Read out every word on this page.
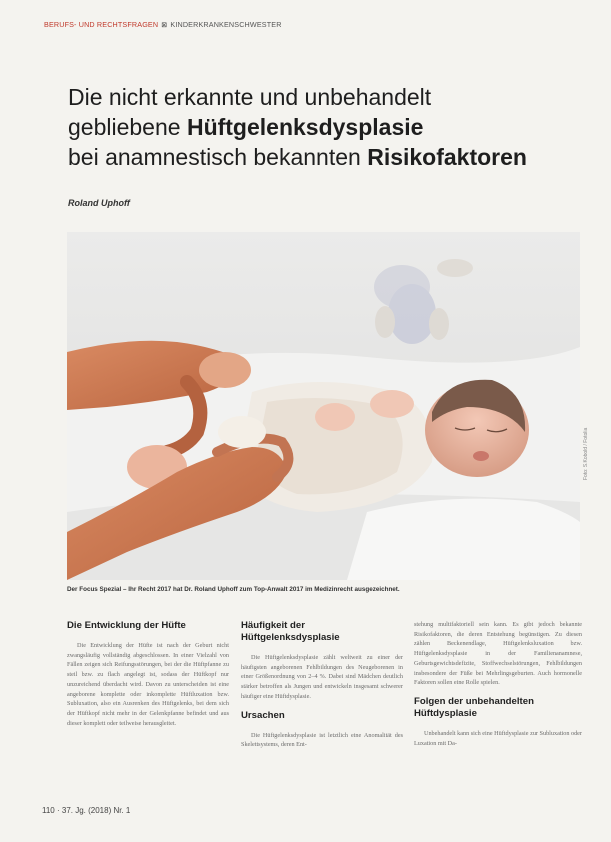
BERUFS- UND RECHTSFRAGEN ⊠ KINDERKRANKENSCHWESTER
Die nicht erkannte und unbehandelt
gebliebene Hüftgelenksdysplasie
bei anamnestisch bekannten Risikofaktoren
Roland Uphoff
Foto: S.Kobold / Fotolia
Der Focus Spezial – Ihr Recht 2017 hat Dr. Roland Uphoff zum Top-Anwalt 2017 im Medizinrecht ausgezeichnet.
Die Entwicklung der Hüfte

Die Entwicklung der Hüfte ist nach der Geburt nicht zwangsläufig vollständig abgeschlossen. In einer Vielzahl von Fällen zeigen sich Reifungsstörungen, bei der die Hüftpfanne zu steil bzw. zu flach angelegt ist, sodass der Hüftkopf nur unzureichend überdacht wird. Davon zu unterscheiden ist eine angeborene komplette oder inkomplette Hüftluxation bzw. Subluxation, also ein Ausrenken des Hüftgelenks, bei dem sich der Hüftkopf nicht mehr in der Gelenkpfanne befindet und aus dieser komplett oder teilweise herausgleitet.

Häufigkeit der Hüftgelenksdysplasie

Die Hüftgelenksdysplasie zählt weltweit zu einer der häufigsten angeborenen Fehlbildungen des Neugeborenen in einer Größenordnung von 2–4 %. Dabei sind Mädchen deutlich stärker betroffen als Jungen und entwickeln insgesamt schwerer häufiger eine Hüftdysplasie.

Ursachen

Die Hüftgelenksdysplasie ist letztlich eine Anomalität des Skelettsystems, deren Ent-

stehung multifaktoriell sein kann. Es gibt jedoch bekannte Risikofaktoren, die deren Entstehung begünstigen. Zu diesen zählen Beckenendlage, Hüftgelenksluxation bzw. Hüftgelenksdysplasie in der Familienanamnese, Geburtsgewichtsdefizite, Stoffwechselstörungen, Fehlbildungen insbesondere der Füße bei Mehrlingsgeburten. Auch hormonelle Faktoren sollen eine Rolle spielen.

Folgen der unbehandelten Hüftdysplasie

Unbehandelt kann sich eine Hüftdysplasie zur Subluxation oder Luxation mit Da-

110 · 37. Jg. (2018) Nr. 1
